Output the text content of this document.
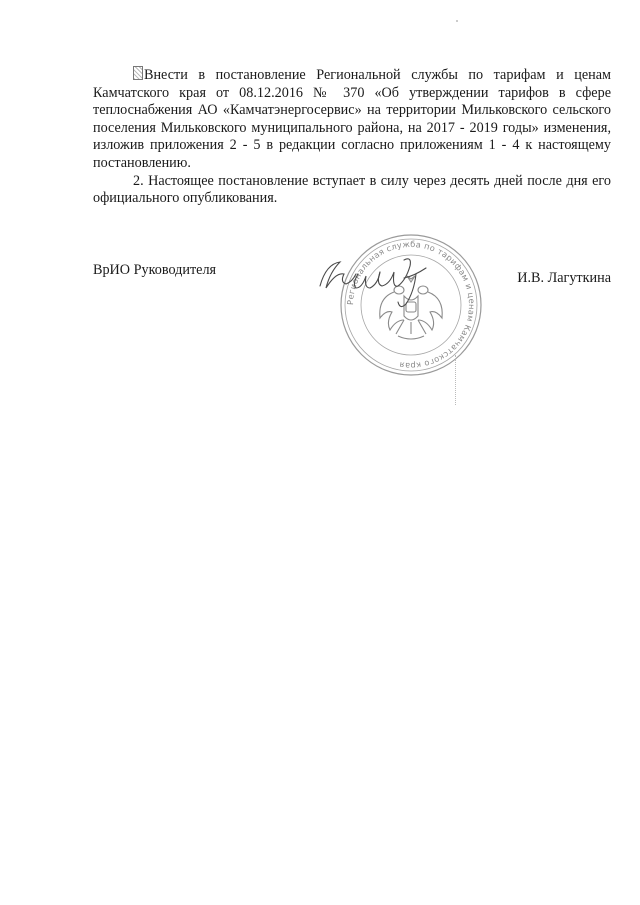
Внести в постановление Региональной службы по тарифам и ценам Камчатского края от 08.12.2016 № 370 «Об утверждении тарифов в сфере теплоснабжения АО «Камчатэнергосервис» на территории Мильковского сельского поселения Мильковского муниципального района, на 2017 - 2019 годы» изменения, изложив приложения 2 - 5 в редакции согласно приложениям 1 - 4 к настоящему постановлению.

2. Настоящее постановление вступает в силу через десять дней после дня его официального опубликования.

ВрИО Руководителя
Региональная служба по тарифам и ценам Камчатского края
И.В. Лагуткина
